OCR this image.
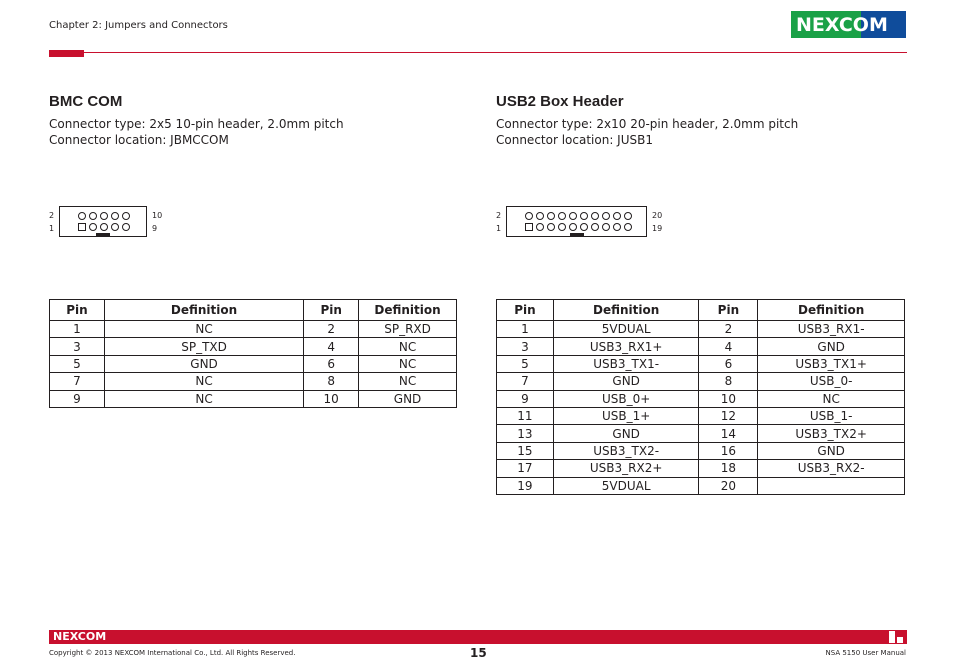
Chapter 2: Jumpers and Connectors	NEXCOM
BMC COM

Connector type: 2x5 10-pin header, 2.0mm pitch

Connector location: JBMCCOM

2
1
10
9
Pin	Definition	Pin	Definition
1	NC	2	SP_RXD
3	SP_TXD	4	NC
5	GND	6	NC
7	NC	8	NC
9	NC	10	GND
USB2 Box Header

Connector type: 2x10 20-pin header, 2.0mm pitch

Connector location: JUSB1

2
1
20
19
Pin	Definition	Pin	Definition
1	5VDUAL	2	USB3_RX1-
3	USB3_RX1+	4	GND
5	USB3_TX1-	6	USB3_TX1+
7	GND	8	USB_0-
9	USB_0+	10	NC
11	USB_1+	12	USB_1-
13	GND	14	USB3_TX2+
15	USB3_TX2-	16	GND
17	USB3_RX2+	18	USB3_RX2-
19	5VDUAL	20	
NEXCOM
Copyright © 2013 NEXCOM International Co., Ltd. All Rights Reserved.	15	NSA 5150 User Manual
